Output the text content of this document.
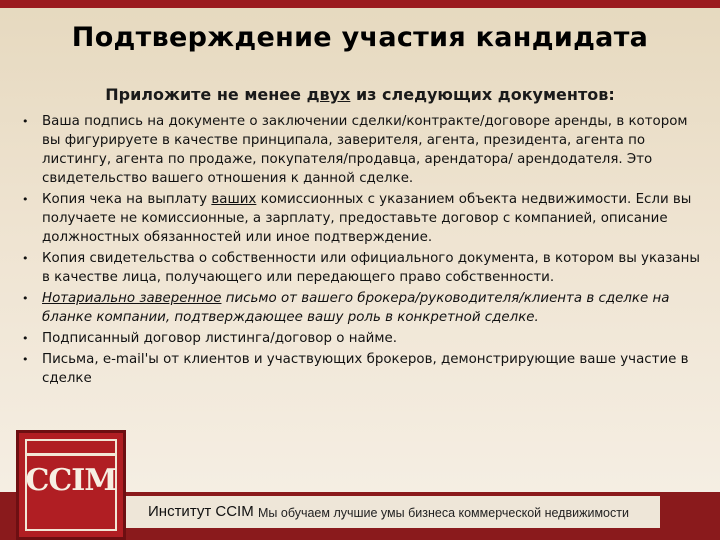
Подтверждение участия кандидата
Приложите не менее двух из следующих документов:
• Ваша подпись на документе о заключении сделки/контракте/договоре аренды, в котором вы фигурируете в качестве принципала, заверителя, агента, президента, агента по листингу, агента по продаже, покупателя/продавца, арендатора/ арендодателя. Это свидетельство вашего отношения к данной сделке.
• Копия чека на выплату ваших комиссионных с указанием объекта недвижимости. Если вы получаете не комиссионные, а зарплату, предоставьте договор с компанией, описание должностных обязанностей или иное подтверждение.
• Копия свидетельства о собственности или официального документа, в котором вы указаны в качестве лица, получающего или передающего право собственности.
• Нотариально заверенное письмо от вашего брокера/руководителя/клиента в сделке на бланке компании, подтверждающее вашу роль в конкретной сделке.
• Подписанный договор листинга/договор о найме.
• Письма, e-mail'ы от клиентов и участвующих брокеров, демонстрирующие ваше участие в сделке
CCIM
Институт CCIM Мы обучаем лучшие умы бизнеса коммерческой недвижимости
